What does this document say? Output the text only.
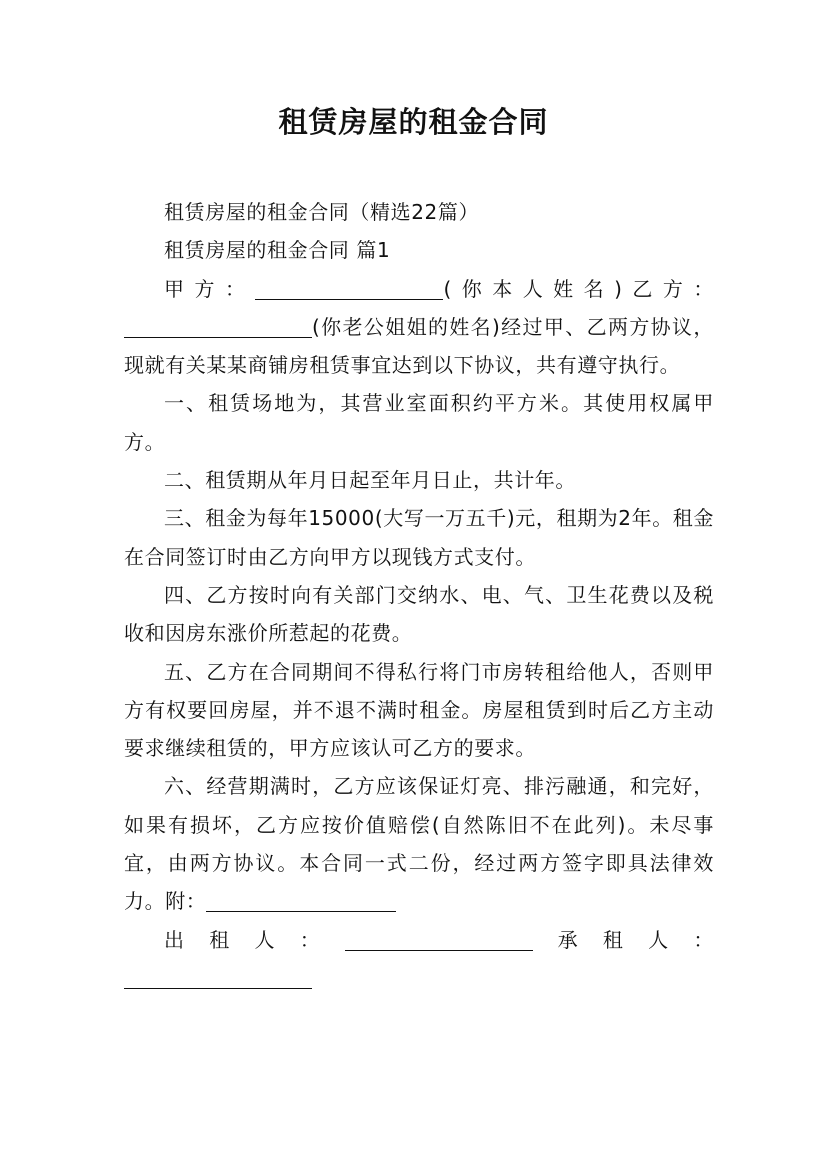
租赁房屋的租金合同

租赁房屋的租金合同（精选22篇）

租赁房屋的租金合同 篇1

甲方：	(你本人姓名)乙方：

(你老公姐姐的姓名)经过甲、乙两方协议，现就有关某某商铺房租赁事宜达到以下协议，共有遵守执行。

一、租赁场地为，其营业室面积约平方米。其使用权属甲方。

二、租赁期从年月日起至年月日止，共计年。

三、租金为每年15000(大写一万五千)元，租期为2年。租金在合同签订时由乙方向甲方以现钱方式支付。

四、乙方按时向有关部门交纳水、电、气、卫生花费以及税收和因房东涨价所惹起的花费。

五、乙方在合同期间不得私行将门市房转租给他人，否则甲方有权要回房屋，并不退不满时租金。房屋租赁到时后乙方主动要求继续租赁的，甲方应该认可乙方的要求。

六、经营期满时，乙方应该保证灯亮、排污融通，和完好，如果有损坏，乙方应按价值赔偿(自然陈旧不在此列)。未尽事宜，由两方协议。本合同一式二份，经过两方签字即具法律效力。附：

出租人：	承租人：
